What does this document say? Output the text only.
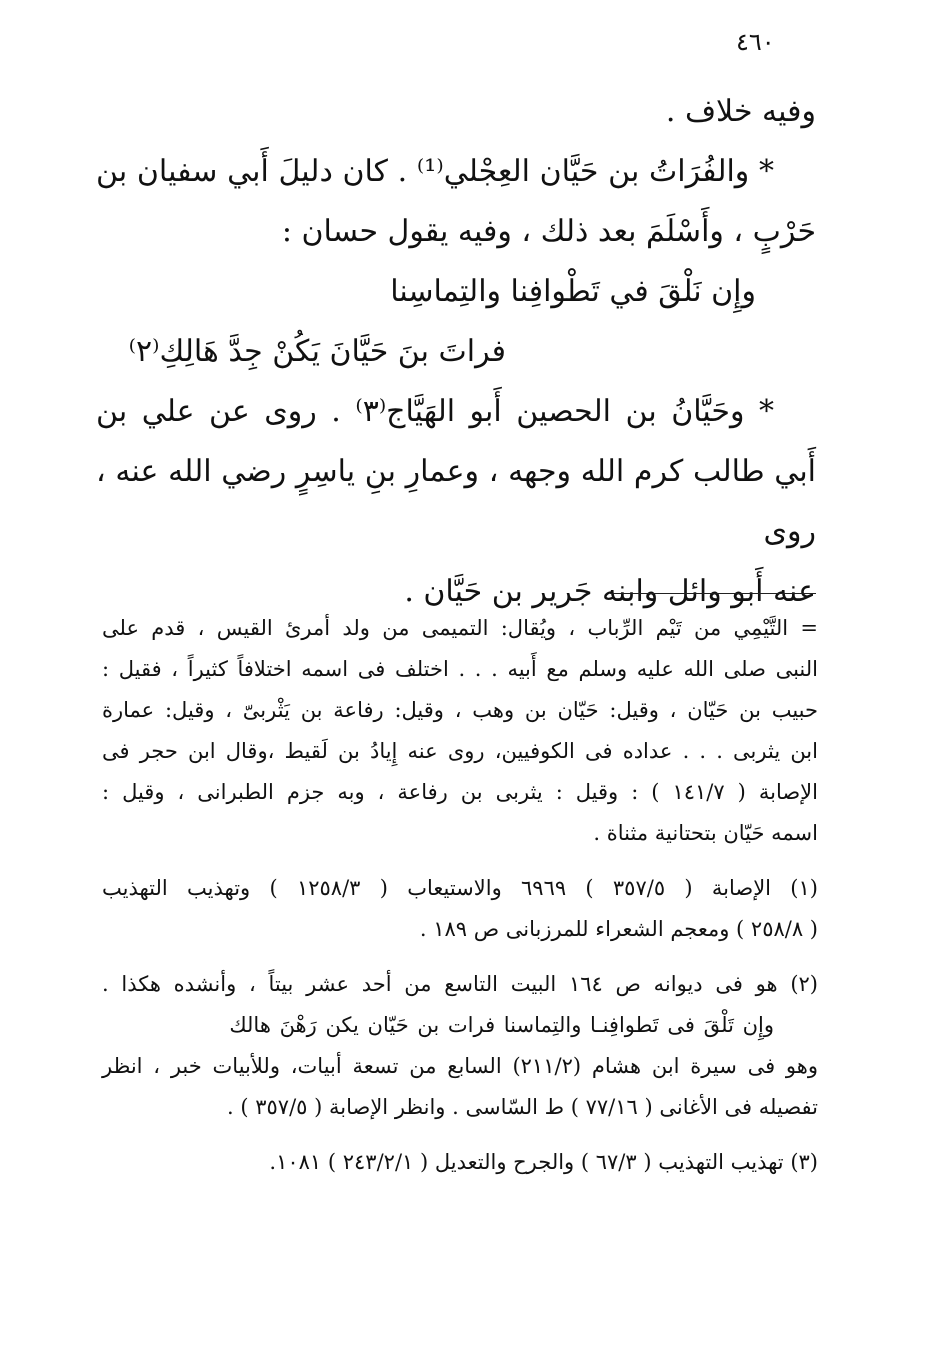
٤٦٠
وفيه خلاف .
* والفُرَاتُ بن حَيَّان العِجْلي⁽¹⁾ . كان دليلَ أَبي سفيان بن
حَرْبٍ ، وأَسْلَمَ بعد ذلك ، وفيه يقول حسان :
وإِن نَلْقَ في تَطْوافِنا والتِماسِنا
فراتَ بنَ حَيَّانَ يَكُنْ جِدَّ هَالِكِ⁽٢⁾
* وحَيَّانُ بن الحصين أَبو الهَيَّاج⁽٣⁾ . روى عن علي بن
أَبي طالب كرم الله وجهه ، وعمارِ بنِ ياسِرٍ رضي الله عنه ، روى
عنه أَبو وائل وابنه جَرير بن حَيَّان .
= التَّيْمِي من تَيْم الرِّباب ، ويُقال: التميمى من ولد أمرئ القيس ، قدم على
النبى صلى الله عليه وسلم مع أَبيه . . . اختلف فى اسمه اختلافاً كثيراً ، فقيل :
حبيب بن حَيّان ، وقيل: حَيّان بن وهب ، وقيل: رفاعة بن يَثْربىّ ، وقيل: عمارة
ابن يثربى . . . عداده فى الكوفيين، روى عنه إِيادُ بن لَقيط ،وقال ابن حجر فى
الإصابة ( ١٤١/٧ ) : وقيل : يثربى بن رفاعة ، وبه جزم الطبرانى ، وقيل :
اسمه حَيّان بتحتانية مثناة .
(١) الإصابة ( ٣٥٧/٥ ) ٦٩٦٩ والاستيعاب ( ١٢٥٨/٣ ) وتهذيب التهذيب
( ٢٥٨/٨ ) ومعجم الشعراء للمرزبانى ص ١٨٩ .
(٢) هو فى ديوانه ص ١٦٤ البيت التاسع من أحد عشر بيتاً ، وأنشده هكذا .
وإِن تَلْقَ فى تَطوافِنـا والتِماسنا فرات بن حَيّان يكن رَهْنَ هالك
وهو فى سيرة ابن هشام (٢١١/٢) السابع من تسعة أبيات، وللأبيات خبر ، انظر
تفصيله فى الأغانى ( ٧٧/١٦ ) ط السّاسى . وانظر الإصابة ( ٣٥٧/٥ ) .
(٣) تهذيب التهذيب ( ٦٧/٣ ) والجرح والتعديل ( ٢٤٣/٢/١ ) ١٠٨١.
